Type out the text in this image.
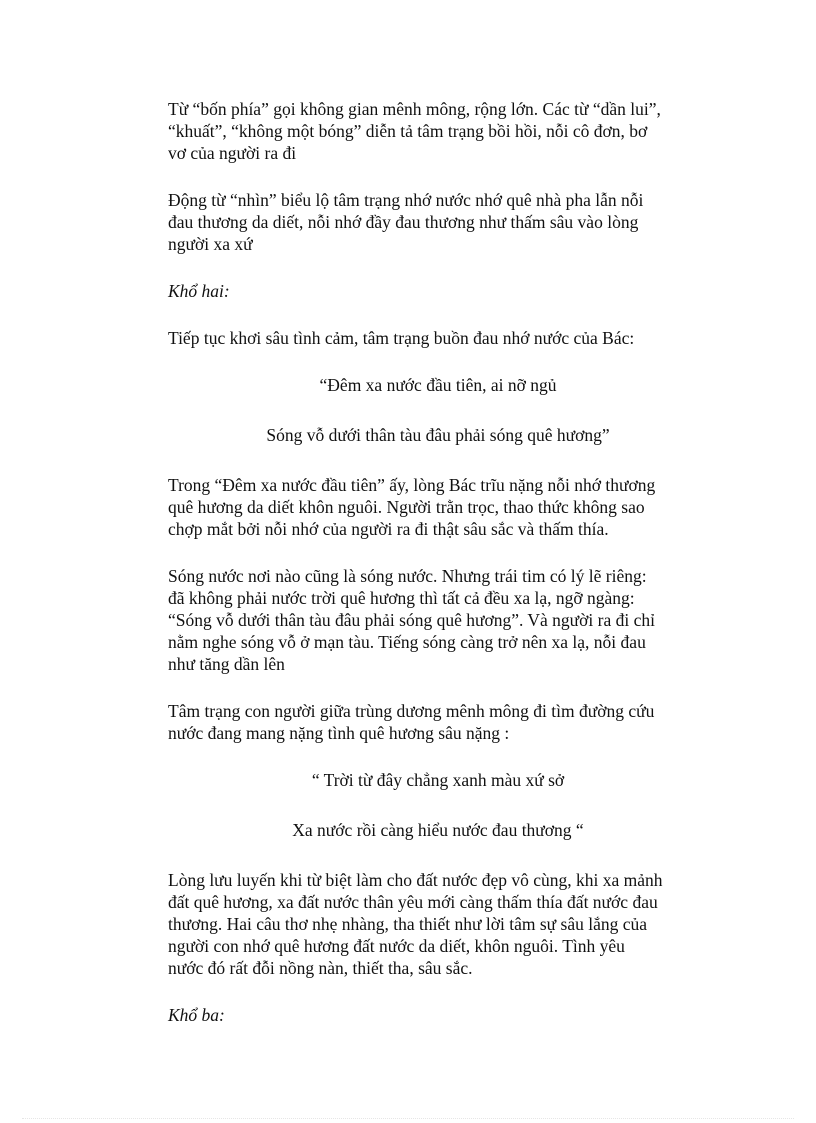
Từ “bốn phía” gọi không gian mênh mông, rộng lớn. Các từ “dần lui”,
“khuất”, “không một bóng” diễn tả tâm trạng bồi hồi, nỗi cô đơn, bơ
vơ của người ra đi

Động từ “nhìn” biểu lộ tâm trạng nhớ nước nhớ quê nhà pha lẫn nỗi
đau thương da diết, nỗi nhớ đầy đau thương như thấm sâu vào lòng
người xa xứ

Khổ hai:

Tiếp tục khơi sâu tình cảm, tâm trạng buồn đau nhớ nước của Bác:

“Đêm xa nước đầu tiên, ai nỡ ngủ

Sóng vỗ dưới thân tàu đâu phải sóng quê hương”

Trong “Đêm xa nước đầu tiên” ấy, lòng Bác trĩu nặng nỗi nhớ thương
quê hương da diết khôn nguôi. Người trằn trọc, thao thức không sao
chợp mắt bởi nỗi nhớ của người ra đi thật sâu sắc và thấm thía.

Sóng nước nơi nào cũng là sóng nước. Nhưng trái tim có lý lẽ riêng:
đã không phải nước trời quê hương thì tất cả đều xa lạ, ngỡ ngàng:
“Sóng vỗ dưới thân tàu đâu phải sóng quê hương”. Và người ra đi chỉ
nằm nghe sóng vỗ ở mạn tàu. Tiếng sóng càng trở nên xa lạ, nỗi đau
như tăng dần lên

Tâm trạng con người giữa trùng dương mênh mông đi tìm đường cứu
nước đang mang nặng tình quê hương sâu nặng :

“ Trời từ đây chẳng xanh màu xứ sở

Xa nước rồi càng hiểu nước đau thương “

Lòng lưu luyến khi từ biệt làm cho đất nước đẹp vô cùng, khi xa mảnh
đất quê hương, xa đất nước thân yêu mới càng thấm thía đất nước đau
thương. Hai câu thơ nhẹ nhàng, tha thiết như lời tâm sự sâu lắng của
người con nhớ quê hương đất nước da diết, khôn nguôi. Tình yêu
nước đó rất đỗi nồng nàn, thiết tha, sâu sắc.

Khổ ba:
